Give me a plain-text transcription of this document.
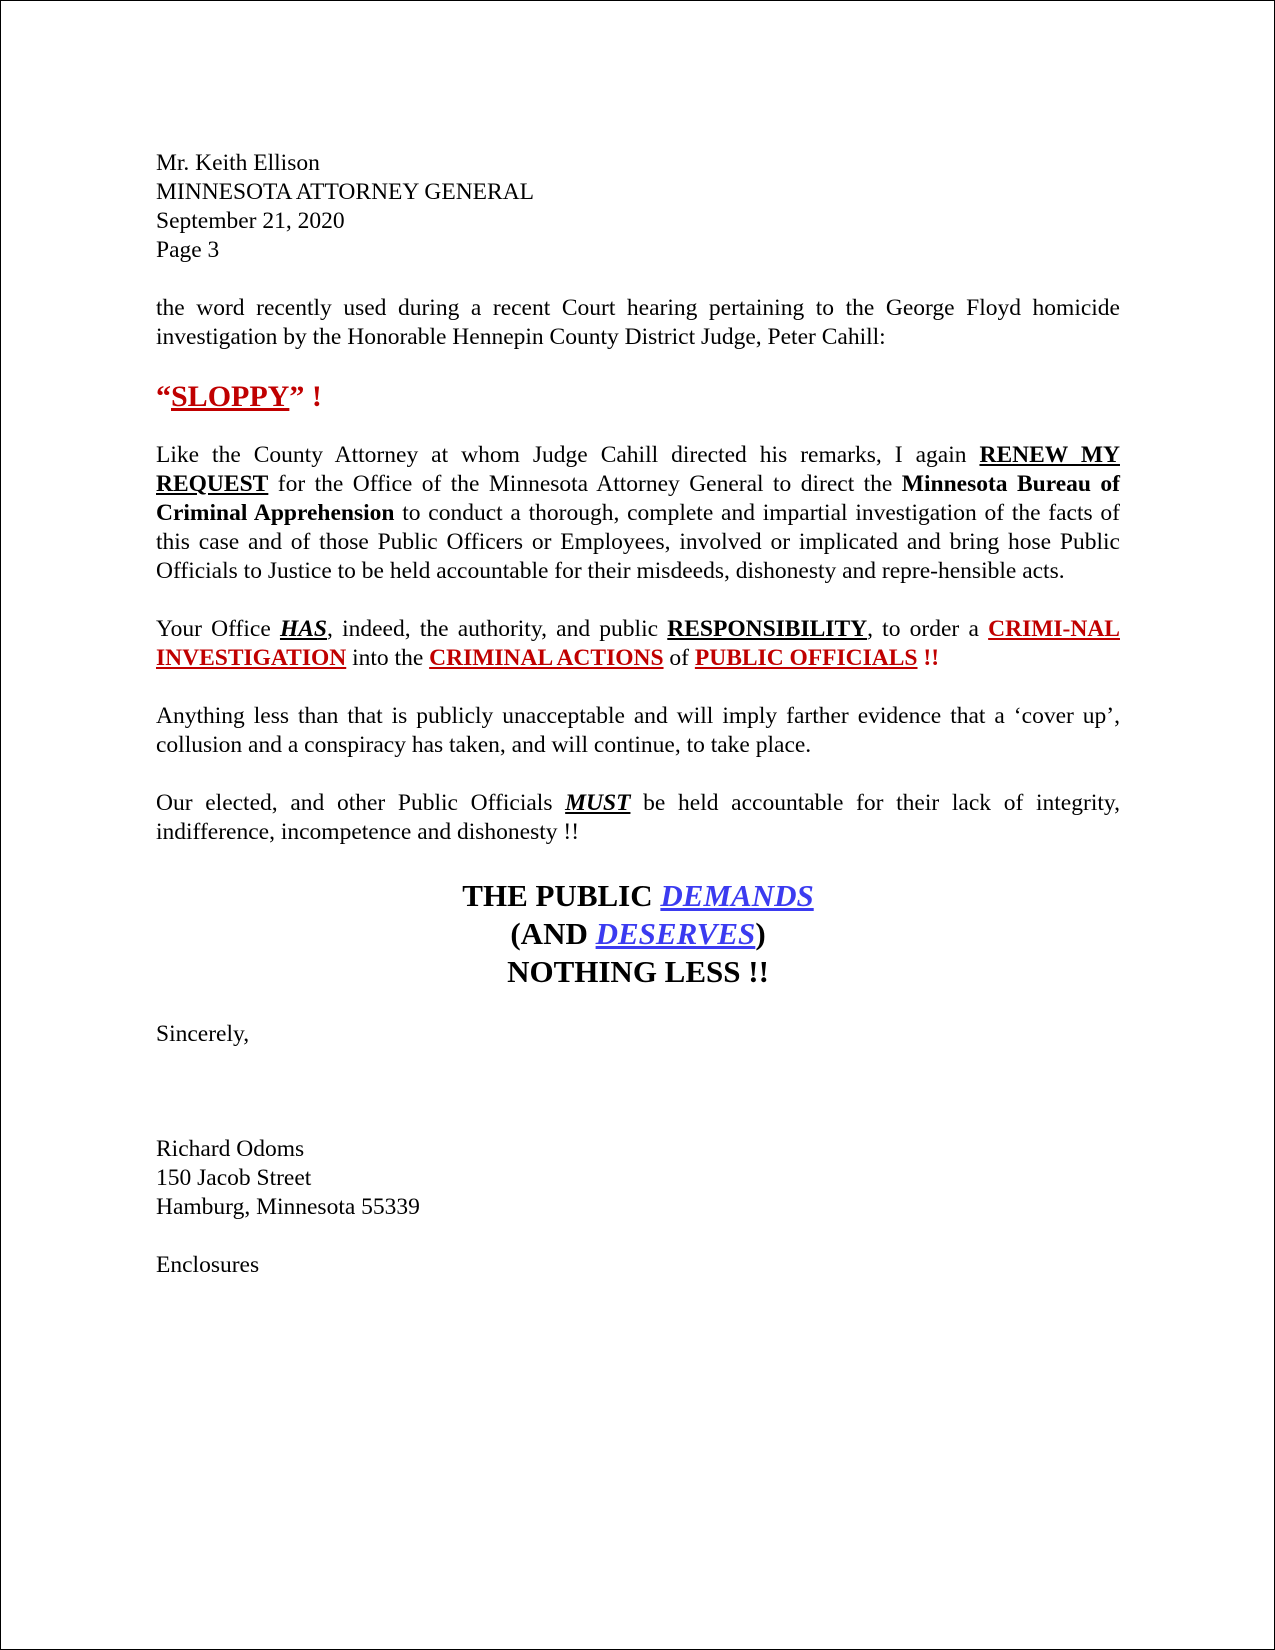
Mr. Keith Ellison
MINNESOTA ATTORNEY GENERAL
September 21, 2020
Page 3

the word recently used during a recent Court hearing pertaining to the George Floyd homicide
investigation by the Honorable Hennepin County District Judge, Peter Cahill:

“SLOPPY” !

Like the County Attorney at whom Judge Cahill directed his remarks, I again RENEW MY REQUEST for the Office of the Minnesota Attorney General to direct the Minnesota Bureau of Criminal Apprehension to conduct a thorough, complete and impartial investigation of the facts of this case and of those Public Officers or Employees, involved or implicated and bring hose Public Officials to Justice to be held accountable for their misdeeds, dishonesty and repre-hensible acts.

Your Office HAS, indeed, the authority, and public RESPONSIBILITY, to order a CRIMI-NAL INVESTIGATION into the CRIMINAL ACTIONS of PUBLIC OFFICIALS !!

Anything less than that is publicly unacceptable and will imply farther evidence that a ‘cover up’, collusion and a conspiracy has taken, and will continue, to take place.

Our elected, and other Public Officials MUST be held accountable for their lack of integrity, indifference, incompetence and dishonesty !!

THE PUBLIC DEMANDS
(AND DESERVES)
NOTHING LESS !!

Sincerely,

Richard Odoms
150 Jacob Street
Hamburg, Minnesota 55339

Enclosures
